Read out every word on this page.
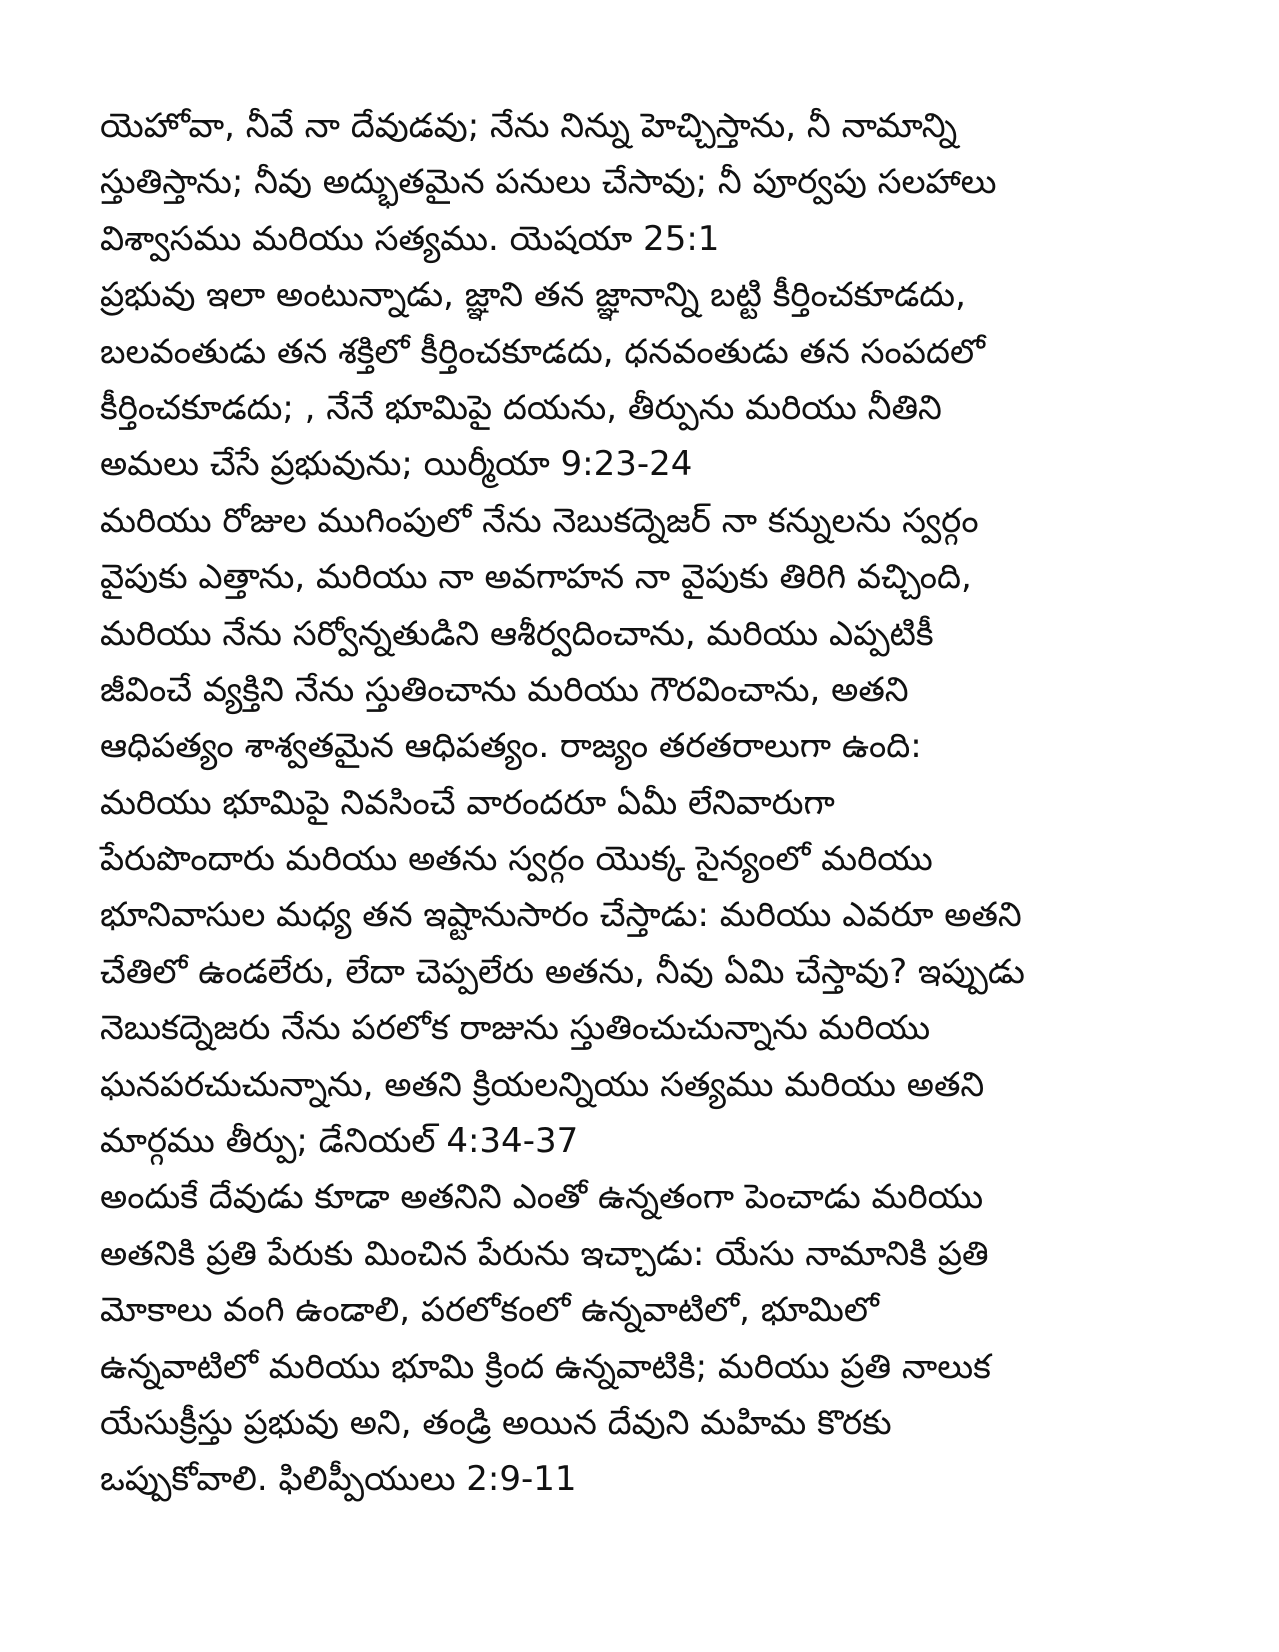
యెహోవా, నీవే నా దేవుడవు; నేను నిన్ను హెచ్చిస్తాను, నీ నామాన్ని
స్తుతిస్తాను; నీవు అద్భుతమైన పనులు చేసావు; నీ పూర్వపు సలహాలు
విశ్వాసము మరియు సత్యము. యెషయా 25:1
ప్రభువు ఇలా అంటున్నాడు, జ్ఞాని తన జ్ఞానాన్ని బట్టి కీర్తించకూడదు,
బలవంతుడు తన శక్తిలో కీర్తించకూడదు, ధనవంతుడు తన సంపదలో
కీర్తించకూడదు; , నేనే భూమిపై దయను, తీర్పును మరియు నీతిని
అమలు చేసే ప్రభువును; యిర్మీయా 9:23-24
మరియు రోజుల ముగింపులో నేను నెబుకద్నెజర్ నా కన్నులను స్వర్గం
వైపుకు ఎత్తాను, మరియు నా అవగాహన నా వైపుకు తిరిగి వచ్చింది,
మరియు నేను సర్వోన్నతుడిని ఆశీర్వదించాను, మరియు ఎప్పటికీ
జీవించే వ్యక్తిని నేను స్తుతించాను మరియు గౌరవించాను, అతని
ఆధిపత్యం శాశ్వతమైన ఆధిపత్యం. రాజ్యం తరతరాలుగా ఉంది:
మరియు భూమిపై నివసించే వారందరూ ఏమీ లేనివారుగా
పేరుపొందారు మరియు అతను స్వర్గం యొక్క సైన్యంలో మరియు
భూనివాసుల మధ్య తన ఇష్టానుసారం చేస్తాడు: మరియు ఎవరూ అతని
చేతిలో ఉండలేరు, లేదా చెప్పలేరు అతను, నీవు ఏమి చేస్తావు? ఇప్పుడు
నెబుకద్నెజరు నేను పరలోక రాజును స్తుతించుచున్నాను మరియు
ఘనపరచుచున్నాను, అతని క్రియలన్నియు సత్యము మరియు అతని
మార్గము తీర్పు; డేనియల్ 4:34-37
అందుకే దేవుడు కూడా అతనిని ఎంతో ఉన్నతంగా పెంచాడు మరియు
అతనికి ప్రతి పేరుకు మించిన పేరును ఇచ్చాడు: యేసు నామానికి ప్రతి
మోకాలు వంగి ఉండాలి, పరలోకంలో ఉన్నవాటిలో, భూమిలో
ఉన్నవాటిలో మరియు భూమి క్రింద ఉన్నవాటికి; మరియు ప్రతి నాలుక
యేసుక్రీస్తు ప్రభువు అని, తండ్రి అయిన దేవుని మహిమ కొరకు
ఒప్పుకోవాలి. ఫిలిప్పీయులు 2:9-11
